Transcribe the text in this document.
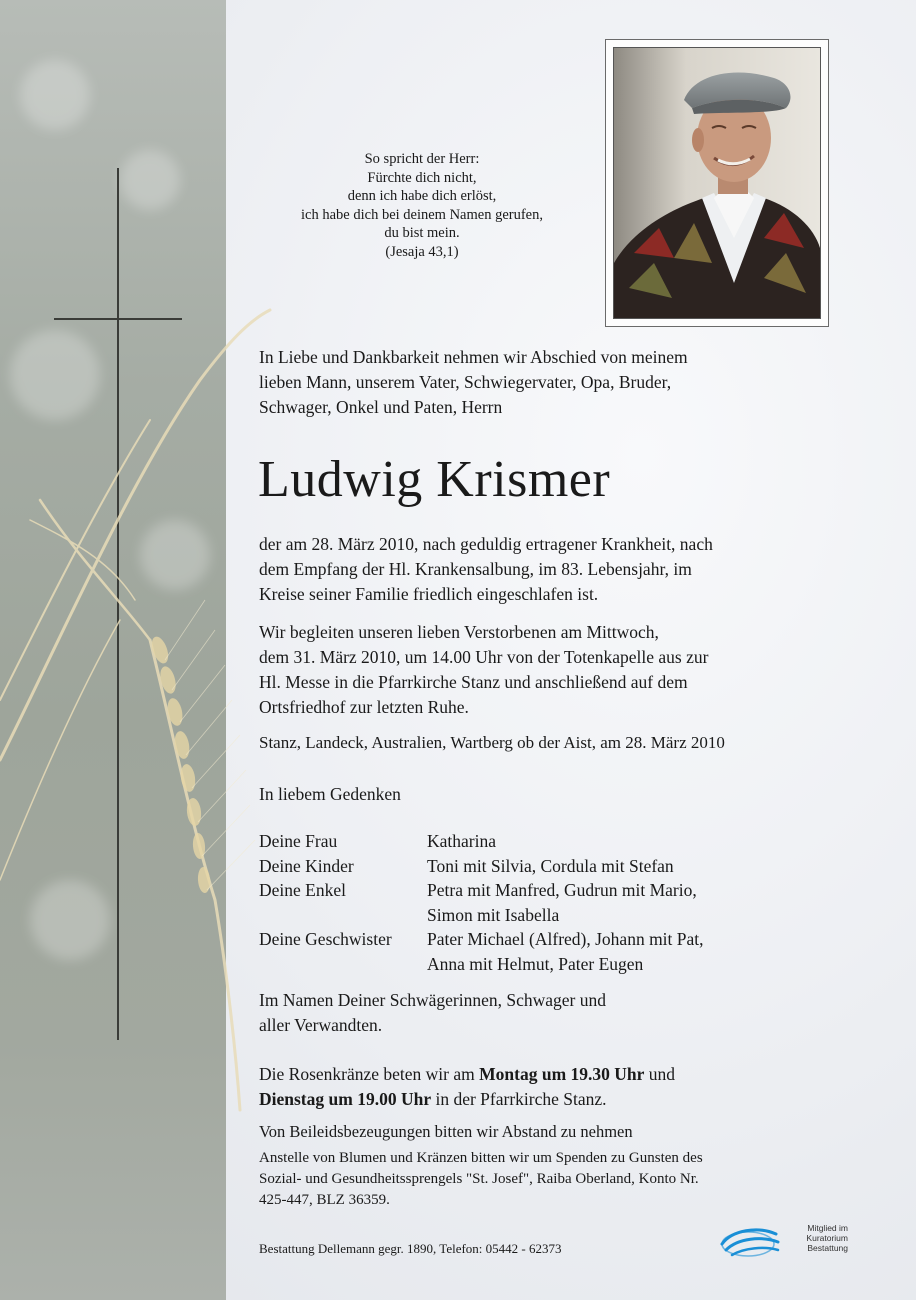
So spricht der Herr:
Fürchte dich nicht,
denn ich habe dich erlöst,
ich habe dich bei deinem Namen gerufen,
du bist mein.
(Jesaja 43,1)
In Liebe und Dankbarkeit nehmen wir Abschied von meinem
lieben Mann, unserem Vater, Schwiegervater, Opa, Bruder,
Schwager, Onkel und Paten, Herrn
Ludwig Krismer
der am 28. März 2010, nach geduldig ertragener Krankheit, nach
dem Empfang der Hl. Krankensalbung, im 83. Lebensjahr, im
Kreise seiner Familie friedlich eingeschlafen ist.
Wir begleiten unseren lieben Verstorbenen am Mittwoch,
dem 31. März 2010, um 14.00 Uhr von der Totenkapelle aus zur
Hl. Messe in die Pfarrkirche Stanz und anschließend auf dem
Ortsfriedhof zur letzten Ruhe.
Stanz, Landeck, Australien, Wartberg ob der Aist, am 28. März 2010
In liebem Gedenken
Deine Frau	Katharina
Deine Kinder	Toni mit Silvia, Cordula mit Stefan
Deine Enkel	Petra mit Manfred, Gudrun mit Mario,
Simon mit Isabella
Deine Geschwister	Pater Michael (Alfred), Johann mit Pat,
Anna mit Helmut, Pater Eugen
Im Namen Deiner Schwägerinnen, Schwager und
aller Verwandten.
Die Rosenkränze beten wir am Montag um 19.30 Uhr und
Dienstag um 19.00 Uhr in der Pfarrkirche Stanz.
Von Beileidsbezeugungen bitten wir Abstand zu nehmen
Anstelle von Blumen und Kränzen bitten wir um Spenden zu Gunsten des
Sozial- und Gesundheitssprengels "St. Josef", Raiba Oberland, Konto Nr.
425-447, BLZ 36359.
Bestattung Dellemann gegr. 1890, Telefon: 05442 - 62373
Mitglied im
Kuratorium Bestattung
